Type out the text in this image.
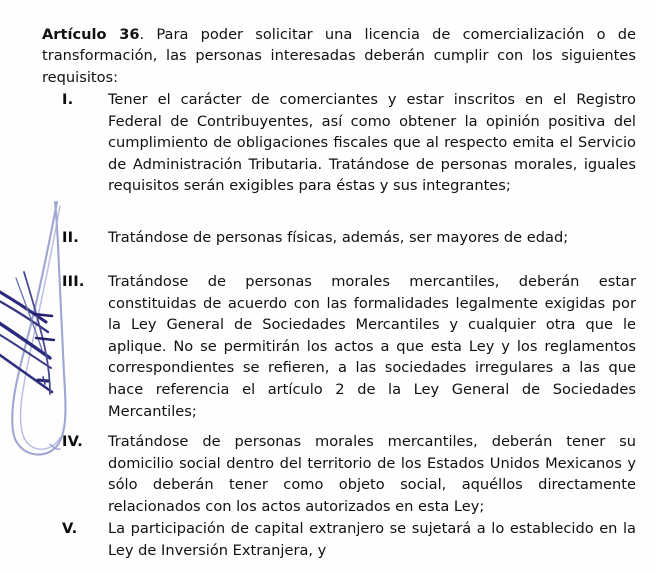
Artículo 36. Para poder solicitar una licencia de comercialización o de transformación, las personas interesadas deberán cumplir con los siguientes requisitos:

I.	Tener el carácter de comerciantes y estar inscritos en el Registro Federal de Contribuyentes, así como obtener la opinión positiva del cumplimiento de obligaciones fiscales que al respecto emita el Servicio de Administración Tributaria. Tratándose de personas morales, iguales requisitos serán exigibles para éstas y sus integrantes;
II.	Tratándose de personas físicas, además, ser mayores de edad;
III.	Tratándose de personas morales mercantiles, deberán estar constituidas de acuerdo con las formalidades legalmente exigidas por la Ley General de Sociedades Mercantiles y cualquier otra que le aplique. No se permitirán los actos a que esta Ley y los reglamentos correspondientes se refieren, a las sociedades irregulares a las que hace referencia el artículo 2 de la Ley General de Sociedades Mercantiles;
IV.	Tratándose de personas morales mercantiles, deberán tener su domicilio social dentro del territorio de los Estados Unidos Mexicanos y sólo deberán tener como objeto social, aquéllos directamente relacionados con los actos autorizados en esta Ley;
V.	La participación de capital extranjero se sujetará a lo establecido en la Ley de Inversión Extranjera, y
